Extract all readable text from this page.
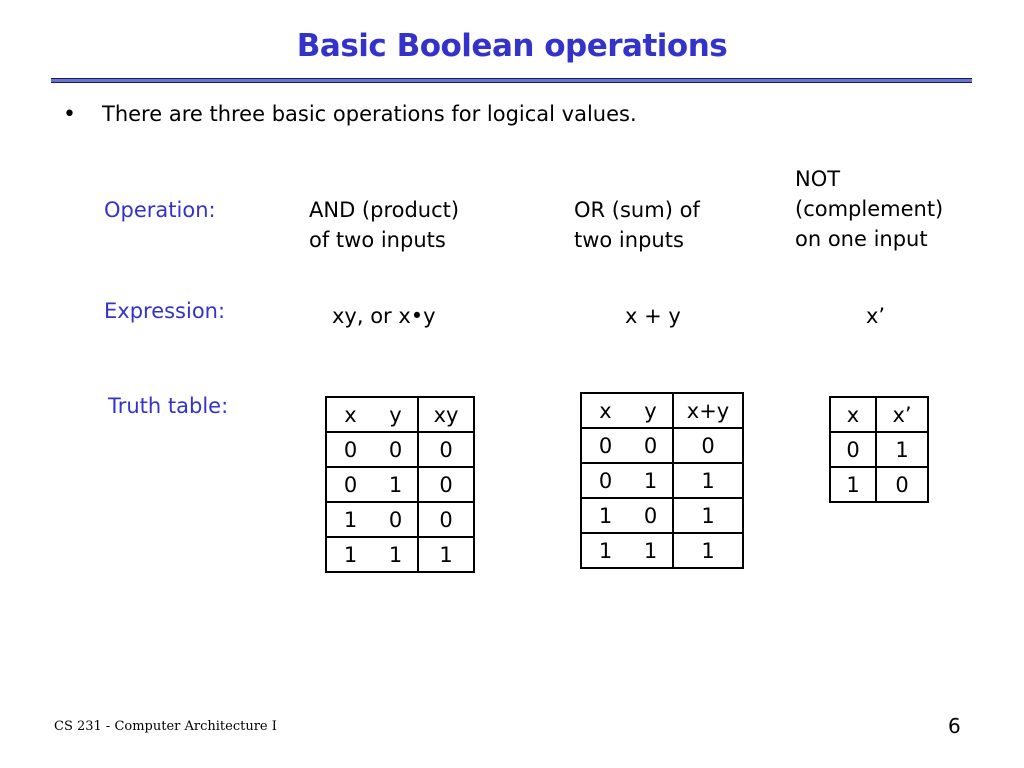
Basic Boolean operations
• There are three basic operations for logical values.
Operation:
Expression:
Truth table:
AND (product)
of two inputs
OR (sum) of
two inputs
NOT
(complement)
on one input
xy, or x•y	x + y	x’
x	y	xy
0	0	0
0	1	0
1	0	0
1	1	1
x	y	x+y
0	0	0
0	1	1
1	0	1
1	1	1
x	x’
0	1
1	0
CS 231 - Computer Architecture I	6
